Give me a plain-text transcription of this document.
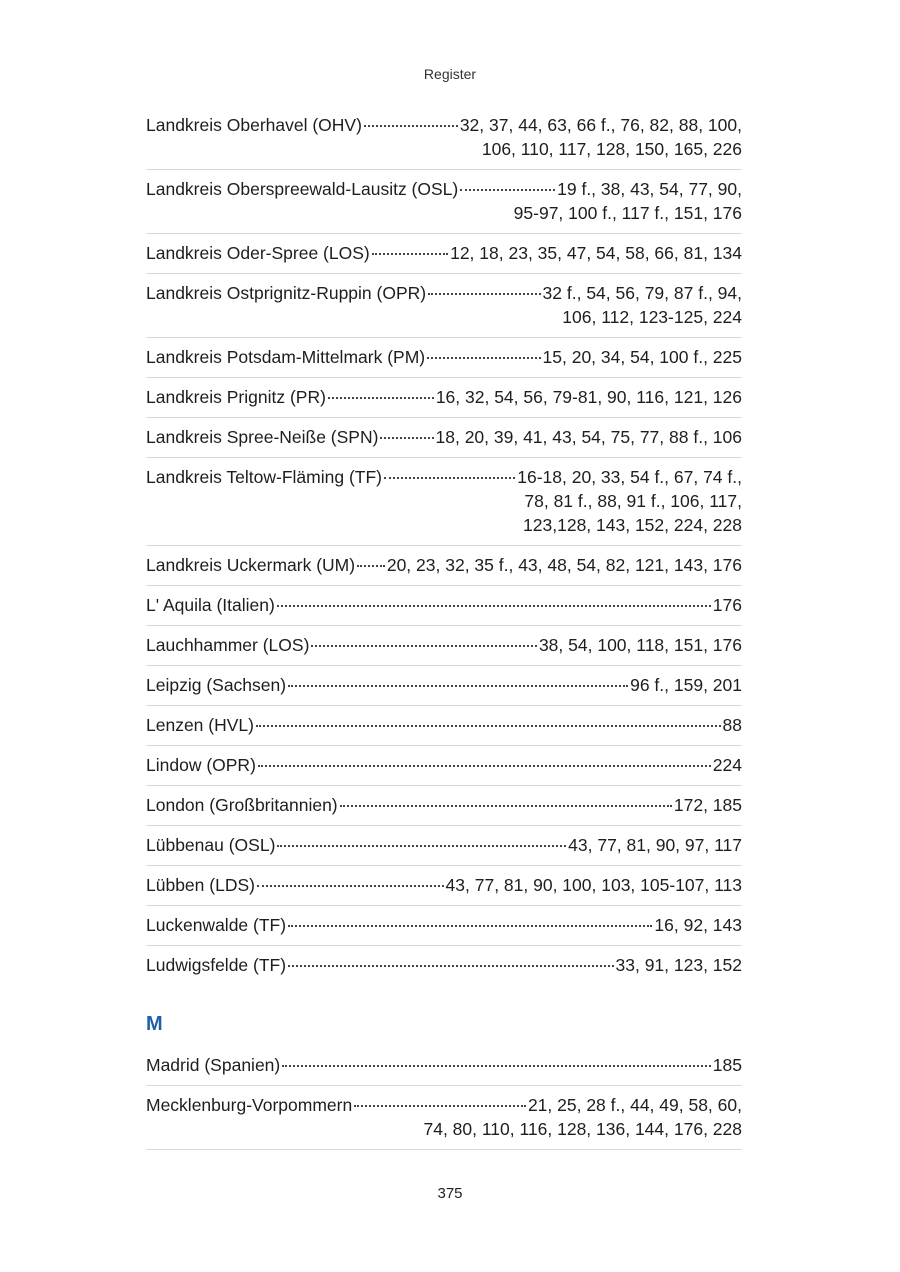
Register
Landkreis Oberhavel (OHV)	32, 37, 44, 63, 66 f., 76, 82, 88, 100,
106, 110, 117, 128, 150, 165, 226
Landkreis Oberspreewald-Lausitz (OSL)	19 f., 38, 43, 54, 77, 90,
95-97, 100 f., 117 f., 151, 176
Landkreis Oder-Spree (LOS)	12, 18, 23, 35, 47, 54, 58, 66, 81, 134
Landkreis Ostprignitz-Ruppin (OPR)	32 f., 54, 56, 79, 87 f., 94,
106, 112, 123-125, 224
Landkreis Potsdam-Mittelmark (PM)	15, 20, 34, 54, 100 f., 225
Landkreis Prignitz (PR)	16, 32, 54, 56, 79-81, 90, 116, 121, 126
Landkreis Spree-Neiße (SPN)	18, 20, 39, 41, 43, 54, 75, 77, 88 f., 106
Landkreis Teltow-Fläming (TF)	16-18, 20, 33, 54 f., 67, 74 f.,
78, 81 f., 88, 91 f., 106, 117,
123,128, 143, 152, 224, 228
Landkreis Uckermark (UM) 20, 23, 32, 35 f., 43, 48, 54, 82, 121, 143, 176
L' Aquila (Italien)	176
Lauchhammer (LOS)	38, 54, 100, 118, 151, 176
Leipzig (Sachsen)	96 f., 159, 201
Lenzen (HVL)	88
Lindow (OPR)	224
London (Großbritannien)	172, 185
Lübbenau (OSL)	43, 77, 81, 90, 97, 117
Lübben (LDS)	43, 77, 81, 90, 100, 103, 105-107, 113
Luckenwalde (TF)	16, 92, 143
Ludwigsfelde (TF)	33, 91, 123, 152
M
Madrid (Spanien)	185
Mecklenburg-Vorpommern	21, 25, 28 f., 44, 49, 58, 60,
74, 80, 110, 116, 128, 136, 144, 176, 228
375
